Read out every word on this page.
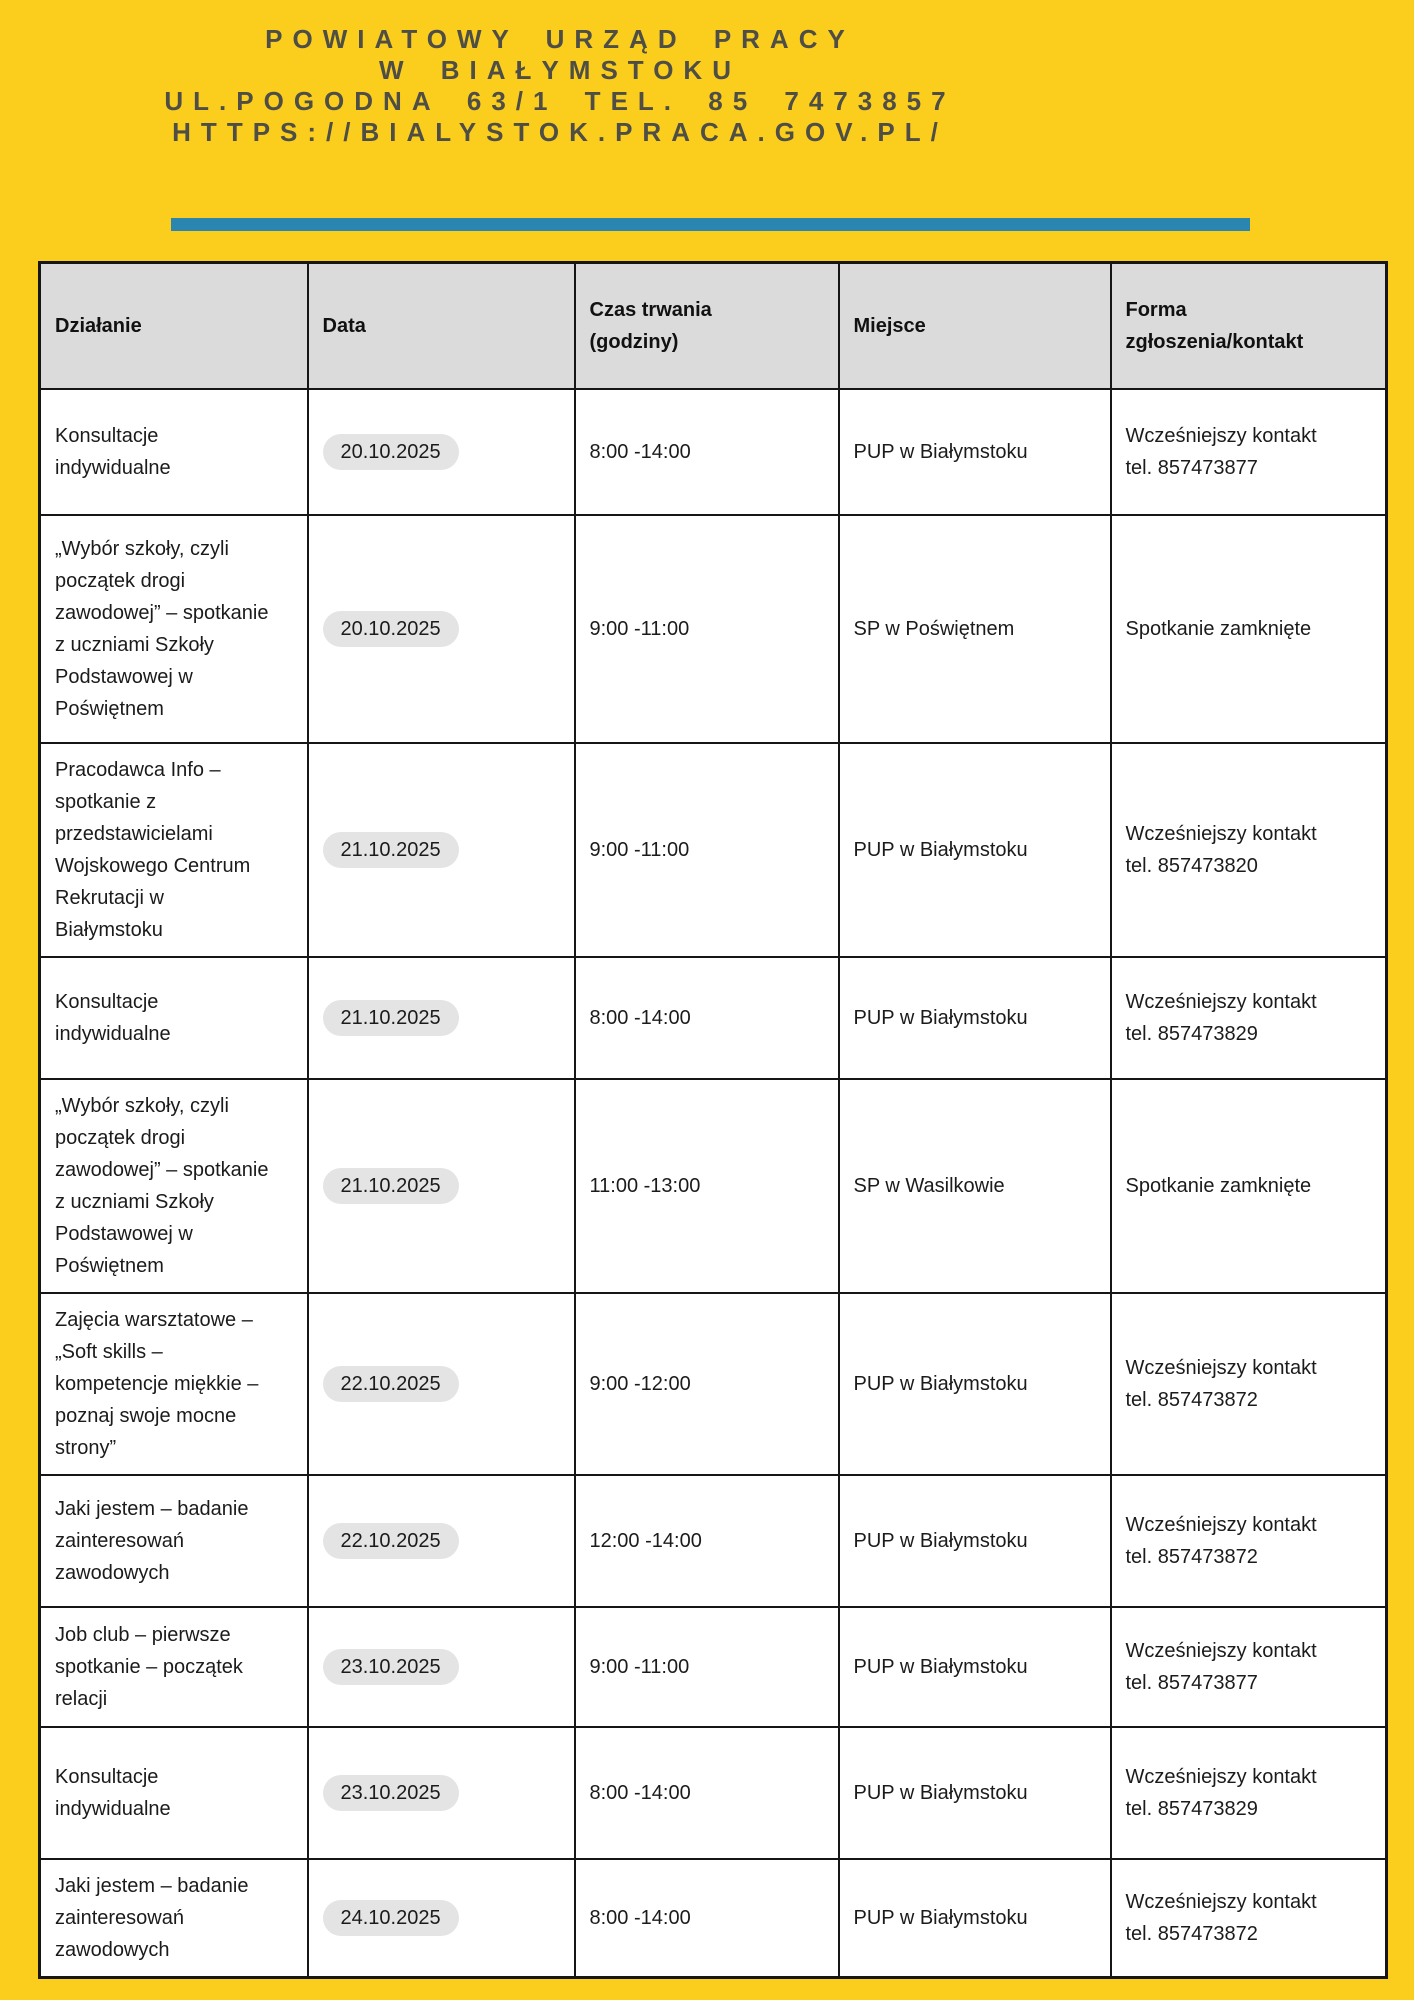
POWIATOWY URZĄD PRACY
W BIAŁYMSTOKU
UL.POGODNA 63/1 TEL. 85 7473857
HTTPS://BIALYSTOK.PRACA.GOV.PL/
Działanie	Data	Czas trwania (godziny)	Miejsce	Forma zgłoszenia/kontakt

Konsultacje indywidualne	20.10.2025	8:00 -14:00	PUP w Białymstoku	Wcześniejszy kontakt tel. 857473877

„Wybór szkoły, czyli początek drogi zawodowej” – spotkanie z uczniami Szkoły Podstawowej w Poświętnem	20.10.2025	9:00 -11:00	SP w Poświętnem	Spotkanie zamknięte

Pracodawca Info – spotkanie z przedstawicielami Wojskowego Centrum Rekrutacji w Białymstoku	21.10.2025	9:00 -11:00	PUP w Białymstoku	Wcześniejszy kontakt tel. 857473820

Konsultacje indywidualne	21.10.2025	8:00 -14:00	PUP w Białymstoku	Wcześniejszy kontakt tel. 857473829

„Wybór szkoły, czyli początek drogi zawodowej” – spotkanie z uczniami Szkoły Podstawowej w Poświętnem	21.10.2025	11:00 -13:00	SP w Wasilkowie	Spotkanie zamknięte

Zajęcia warsztatowe – „Soft skills – kompetencje miękkie – poznaj swoje mocne strony”	22.10.2025	9:00 -12:00	PUP w Białymstoku	Wcześniejszy kontakt tel. 857473872

Jaki jestem – badanie zainteresowań zawodowych	22.10.2025	12:00 -14:00	PUP w Białymstoku	Wcześniejszy kontakt tel. 857473872

Job club – pierwsze spotkanie – początek relacji	23.10.2025	9:00 -11:00	PUP w Białymstoku	Wcześniejszy kontakt tel. 857473877

Konsultacje indywidualne	23.10.2025	8:00 -14:00	PUP w Białymstoku	Wcześniejszy kontakt tel. 857473829

Jaki jestem – badanie zainteresowań zawodowych	24.10.2025	8:00 -14:00	PUP w Białymstoku	Wcześniejszy kontakt tel. 857473872
